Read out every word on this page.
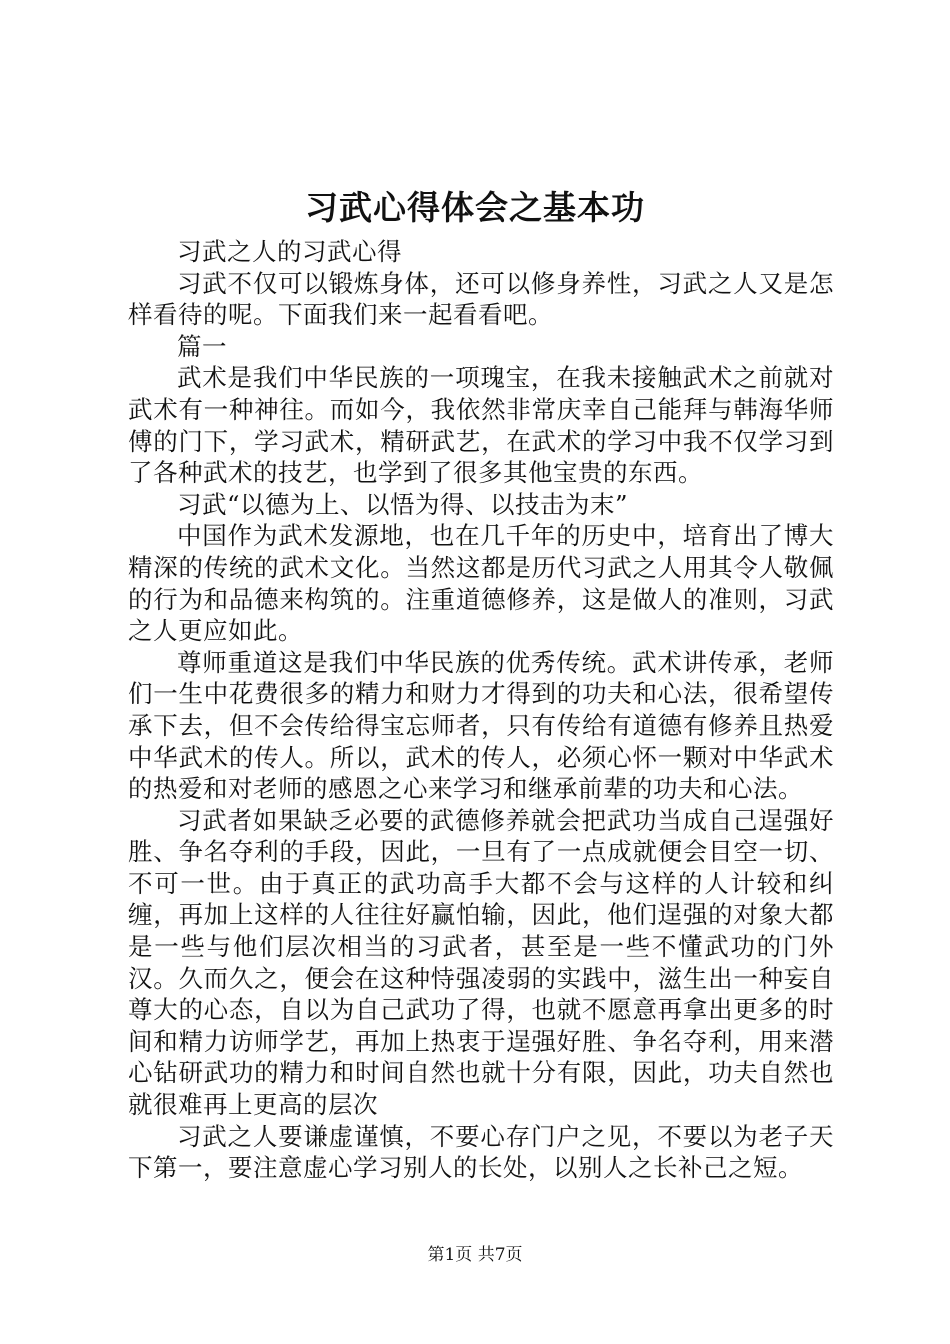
习武心得体会之基本功

习武之人的习武心得

习武不仅可以锻炼身体，还可以修身养性，习武之人又是怎样看待的呢。下面我们来一起看看吧。

篇一

武术是我们中华民族的一项瑰宝，在我未接触武术之前就对武术有一种神往。而如今，我依然非常庆幸自己能拜与韩海华师傅的门下，学习武术，精研武艺，在武术的学习中我不仅学习到了各种武术的技艺，也学到了很多其他宝贵的东西。

习武“以德为上、以悟为得、以技击为末”

中国作为武术发源地，也在几千年的历史中，培育出了博大精深的传统的武术文化。当然这都是历代习武之人用其令人敬佩的行为和品德来构筑的。注重道德修养，这是做人的准则，习武之人更应如此。

尊师重道这是我们中华民族的优秀传统。武术讲传承，老师们一生中花费很多的精力和财力才得到的功夫和心法，很希望传承下去，但不会传给得宝忘师者，只有传给有道德有修养且热爱中华武术的传人。所以，武术的传人，必须心怀一颗对中华武术的热爱和对老师的感恩之心来学习和继承前辈的功夫和心法。

习武者如果缺乏必要的武德修养就会把武功当成自己逞强好胜、争名夺利的手段，因此，一旦有了一点成就便会目空一切、不可一世。由于真正的武功高手大都不会与这样的人计较和纠缠，再加上这样的人往往好赢怕输，因此，他们逞强的对象大都是一些与他们层次相当的习武者，甚至是一些不懂武功的门外汉。久而久之，便会在这种恃强凌弱的实践中，滋生出一种妄自尊大的心态，自以为自己武功了得，也就不愿意再拿出更多的时间和精力访师学艺，再加上热衷于逞强好胜、争名夺利，用来潜心钻研武功的精力和时间自然也就十分有限，因此，功夫自然也就很难再上更高的层次

习武之人要谦虚谨慎，不要心存门户之见，不要以为老子天下第一，要注意虚心学习别人的长处，以别人之长补己之短。

第1页 共7页
